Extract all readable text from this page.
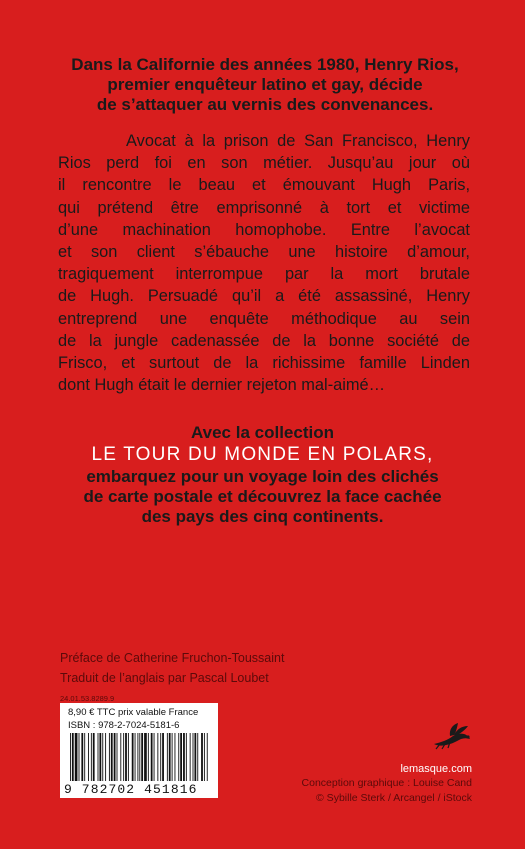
Dans la Californie des années 1980, Henry Rios,
premier enquêteur latino et gay, décide
de s’attaquer au vernis des convenances.
Avocat à la prison de San Francisco, Henry
Rios perd foi en son métier. Jusqu’au jour où
il rencontre le beau et émouvant Hugh Paris,
qui prétend être emprisonné à tort et victime
d’une machination homophobe. Entre l’avocat
et son client s’ébauche une histoire d’amour,
tragiquement interrompue par la mort brutale
de Hugh. Persuadé qu’il a été assassiné, Henry
entreprend une enquête méthodique au sein
de la jungle cadenassée de la bonne société de
Frisco, et surtout de la richissime famille Linden
dont Hugh était le dernier rejeton mal-aimé…
Avec la collection
LE TOUR DU MONDE EN POLARS,
embarquez pour un voyage loin des clichés
de carte postale et découvrez la face cachée
des pays des cinq continents.
Préface de Catherine Fruchon-Toussaint
Traduit de l’anglais par Pascal Loubet
24.01.53.8289.9
8,90 € TTC prix valable France
ISBN : 978-2-7024-5181-6
9 782702 451816
lemasque.com
Conception graphique : Louise Cand
© Sybille Sterk / Arcangel / iStock
